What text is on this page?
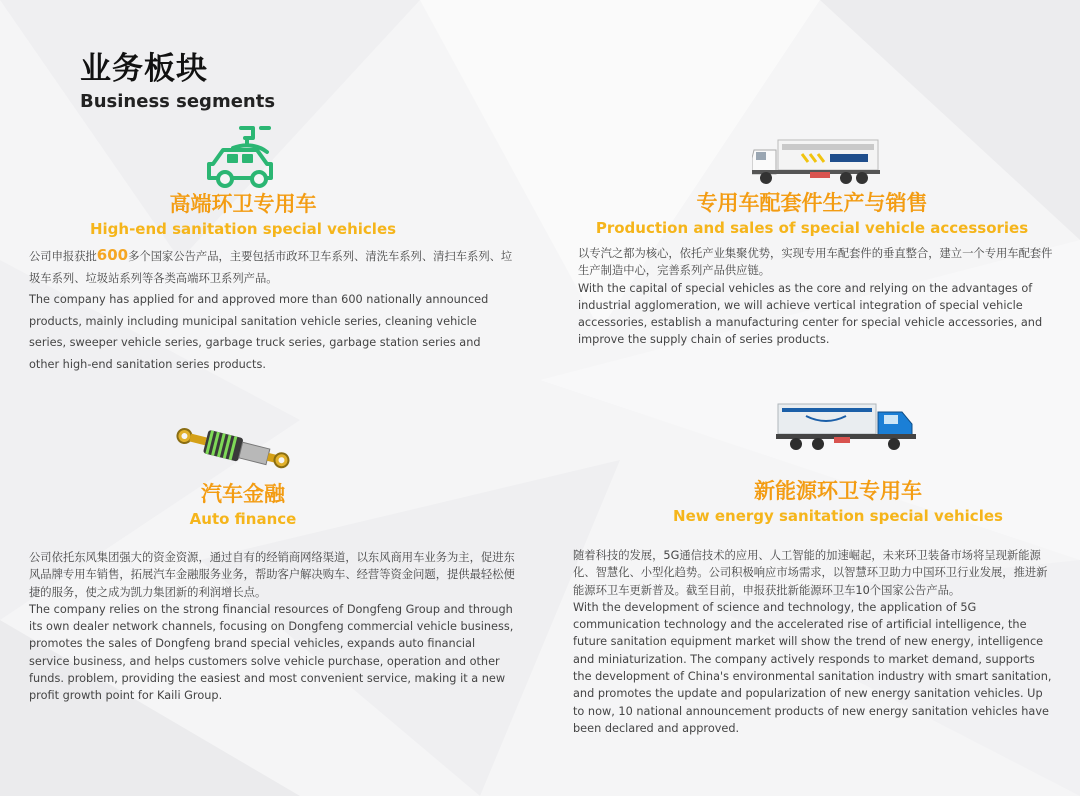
业务板块
Business segments
高端环卫专用车
High-end sanitation special vehicles

公司申报获批600多个国家公告产品，主要包括市政环卫车系列、清洗车系列、清扫车系列、垃圾车系列、垃圾站系列等各类高端环卫系列产品。

The company has applied for and approved more than 600 nationally announced products, mainly including municipal sanitation vehicle series, cleaning vehicle series, sweeper vehicle series, garbage truck series, garbage station series and other high-end sanitation series products.

专用车配套件生产与销售
Production and sales of special vehicle accessories

以专汽之都为核心，依托产业集聚优势，实现专用车配套件的垂直整合，建立一个专用车配套件生产制造中心，完善系列产品供应链。

With the capital of special vehicles as the core and relying on the advantages of industrial agglomeration, we will achieve vertical integration of special vehicle accessories, establish a manufacturing center for special vehicle accessories, and improve the supply chain of series products.

汽车金融
Auto finance

公司依托东风集团强大的资金资源，通过自有的经销商网络渠道，以东风商用车业务为主，促进东风品牌专用车销售，拓展汽车金融服务业务，帮助客户解决购车、经营等资金问题，提供最轻松便捷的服务，使之成为凯力集团新的利润增长点。

The company relies on the strong financial resources of Dongfeng Group and through its own dealer network channels, focusing on Dongfeng commercial vehicle business, promotes the sales of Dongfeng brand special vehicles, expands auto financial service business, and helps customers solve vehicle purchase, operation and other funds. problem, providing the easiest and most convenient service, making it a new profit growth point for Kaili Group.

新能源环卫专用车
New energy sanitation special vehicles

随着科技的发展，5G通信技术的应用、人工智能的加速崛起，未来环卫装备市场将呈现新能源化、智慧化、小型化趋势。公司积极响应市场需求，以智慧环卫助力中国环卫行业发展，推进新能源环卫车更新普及。截至目前，申报获批新能源环卫车10个国家公告产品。

With the development of science and technology, the application of 5G communication technology and the accelerated rise of artificial intelligence, the future sanitation equipment market will show the trend of new energy, intelligence and miniaturization. The company actively responds to market demand, supports the development of China's environmental sanitation industry with smart sanitation, and promotes the update and popularization of new energy sanitation vehicles. Up to now, 10 national announcement products of new energy sanitation vehicles have been declared and approved.
